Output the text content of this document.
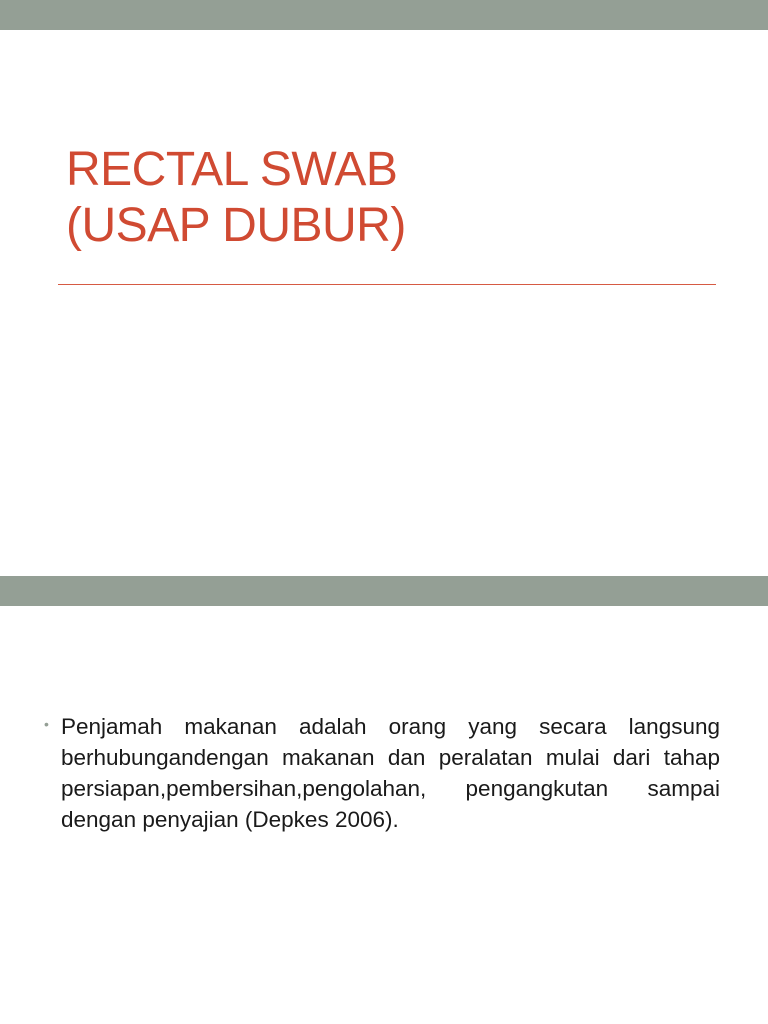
RECTAL SWAB
(USAP DUBUR)
• Penjamah makanan adalah orang yang secara langsung berhubungandengan makanan dan peralatan mulai dari tahap persiapan,pembersihan,pengolahan, pengangkutan sampai dengan penyajian (Depkes 2006).
